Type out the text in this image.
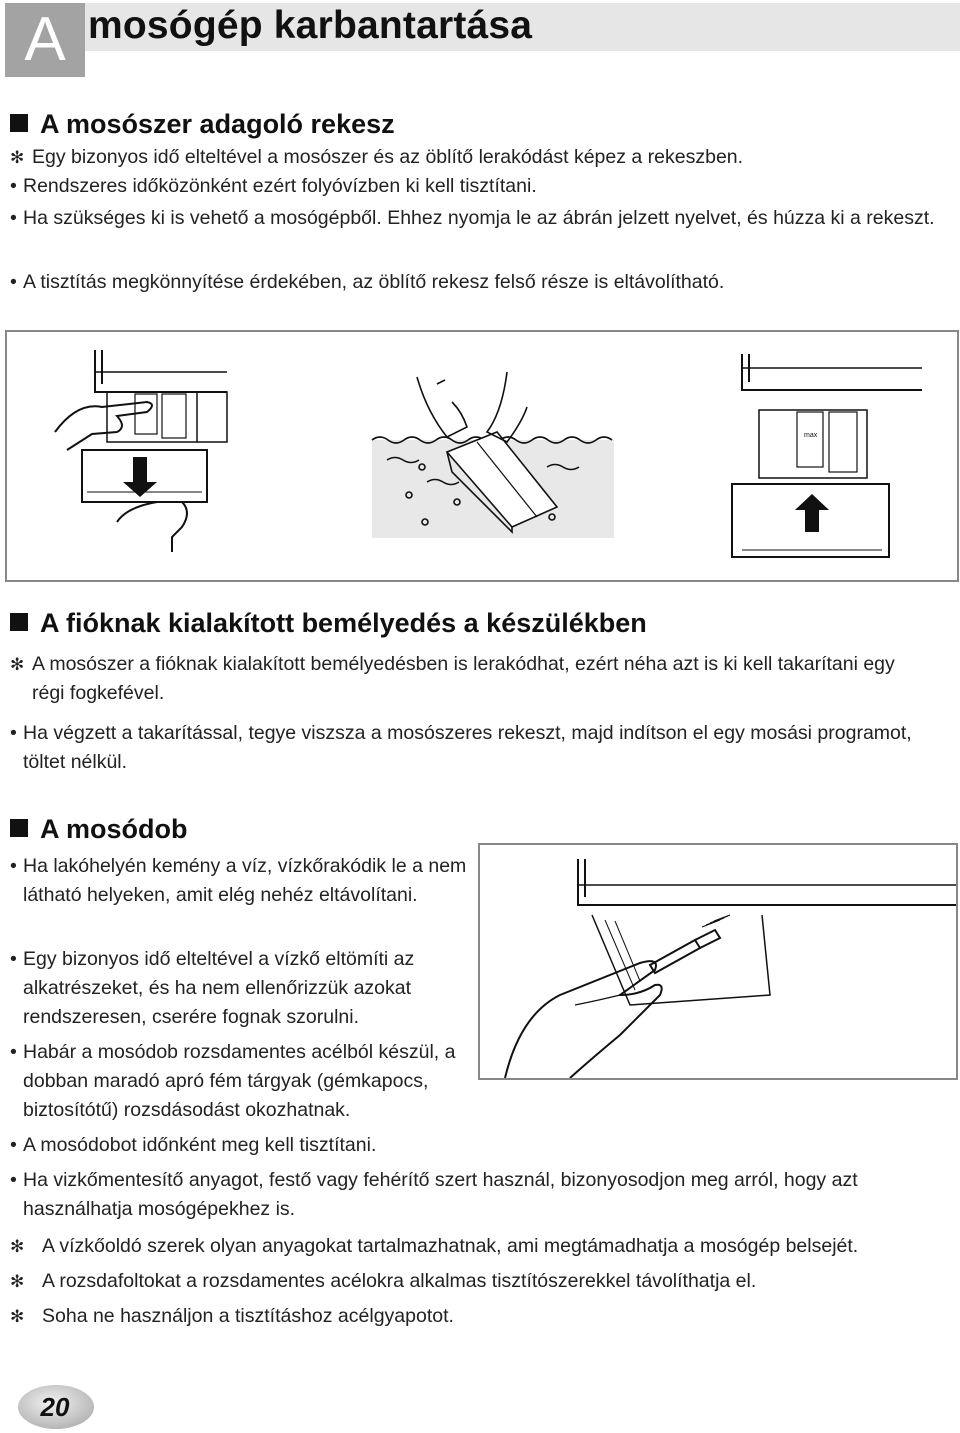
A mosógép karbantartása
A mosószer adagoló rekesz
✻ Egy bizonyos idő elteltével a mosószer és az öblítő lerakódást képez a rekeszben.
• Rendszeres időközönként ezért folyóvízben ki kell tisztítani.
• Ha szükséges ki is vehető a mosógépből. Ehhez nyomja le az ábrán jelzett nyelvet, és húzza ki a rekeszt.
• A tisztítás megkönnyítése érdekében, az öblítő rekesz felső része is eltávolítható.
max
A fióknak kialakított bemélyedés a készülékben
✻ A mosószer a fióknak kialakított bemélyedésben is lerakódhat, ezért néha azt is ki kell takarítani egy régi fogkefével.
• Ha végzett a takarítással, tegye viszsza a mosószeres rekeszt, majd indítson el egy mosási programot, töltet nélkül.
A mosódob
• Ha lakóhelyén kemény a víz, vízkőrakódik le a nem látható helyeken, amit elég nehéz eltávolítani.
• Egy bizonyos idő elteltével a vízkő eltömíti az alkatrészeket, és ha nem ellenőrizzük azokat rendszeresen, cserére fognak szorulni.
• Habár a mosódob rozsdamentes acélból készül, a dobban maradó apró fém tárgyak (gémkapocs, biztosítótű) rozsdásodást okozhatnak.
• A mosódobot időnként meg kell tisztítani.
• Ha vizkőmentesítő anyagot, festő vagy fehérítő szert használ, bizonyosodjon meg arról, hogy azt használhatja mosógépekhez is.
✻ A vízkőoldó szerek olyan anyagokat tartalmazhatnak, ami megtámadhatja a mosógép belsejét.
✻ A rozsdafoltokat a rozsdamentes acélokra alkalmas tisztítószerekkel távolíthatja el.
✻ Soha ne használjon a tisztításhoz acélgyapotot.
20
